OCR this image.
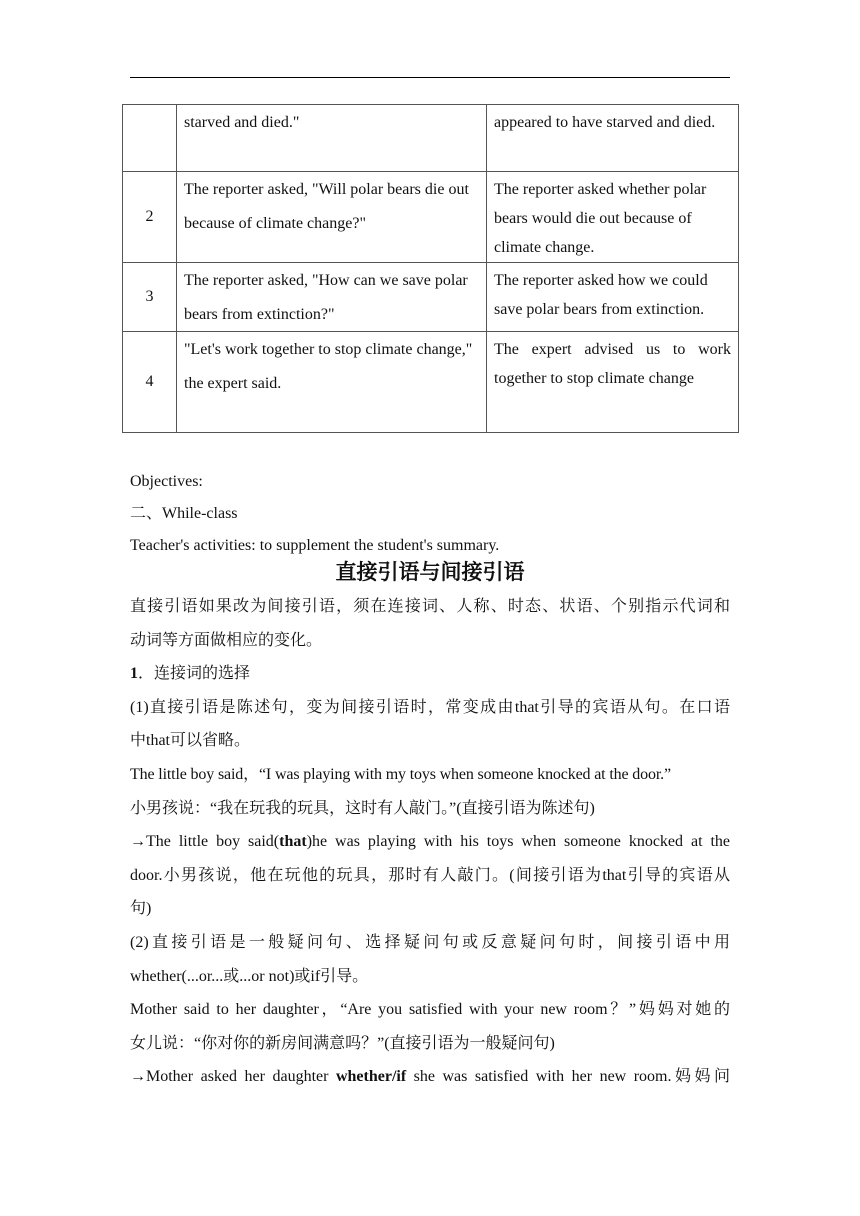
	starved and died."	appeared to have starved and died.

2	The reporter asked, "Will polar bears die out because of climate change?"	The reporter asked whether polar bears would die out because of climate change.

3	The reporter asked, "How can we save polar bears from extinction?"	The reporter asked how we could save polar bears from extinction.

4	"Let's work together to stop climate change," the expert said.	The expert advised us to work together to stop climate change
Objectives:
二、While-class
Teacher's activities: to supplement the student's summary.
直接引语与间接引语
直接引语如果改为间接引语，须在连接词、人称、时态、状语、个别指示代词和
动词等方面做相应的变化。
1．连接词的选择
(1)直接引语是陈述句，变为间接引语时，常变成由that引导的宾语从句。在口语
中that可以省略。
The little boy said，“I was playing with my toys when someone knocked at the door.”
小男孩说：“我在玩我的玩具，这时有人敲门。”(直接引语为陈述句)
→The little boy said(that)he was playing with his toys when someone knocked at the
door.小男孩说，他在玩他的玩具，那时有人敲门。(间接引语为that引导的宾语从
句)
(2)直接引语是一般疑问句、选择疑问句或反意疑问句时，间接引语中用
whether(...or...或...or not)或if引导。
Mother said to her daughter，“Are you satisfied with your new room？”妈妈对她的
女儿说：“你对你的新房间满意吗？”(直接引语为一般疑问句)
→Mother asked her daughter whether/if she was satisfied with her new room.妈妈问
